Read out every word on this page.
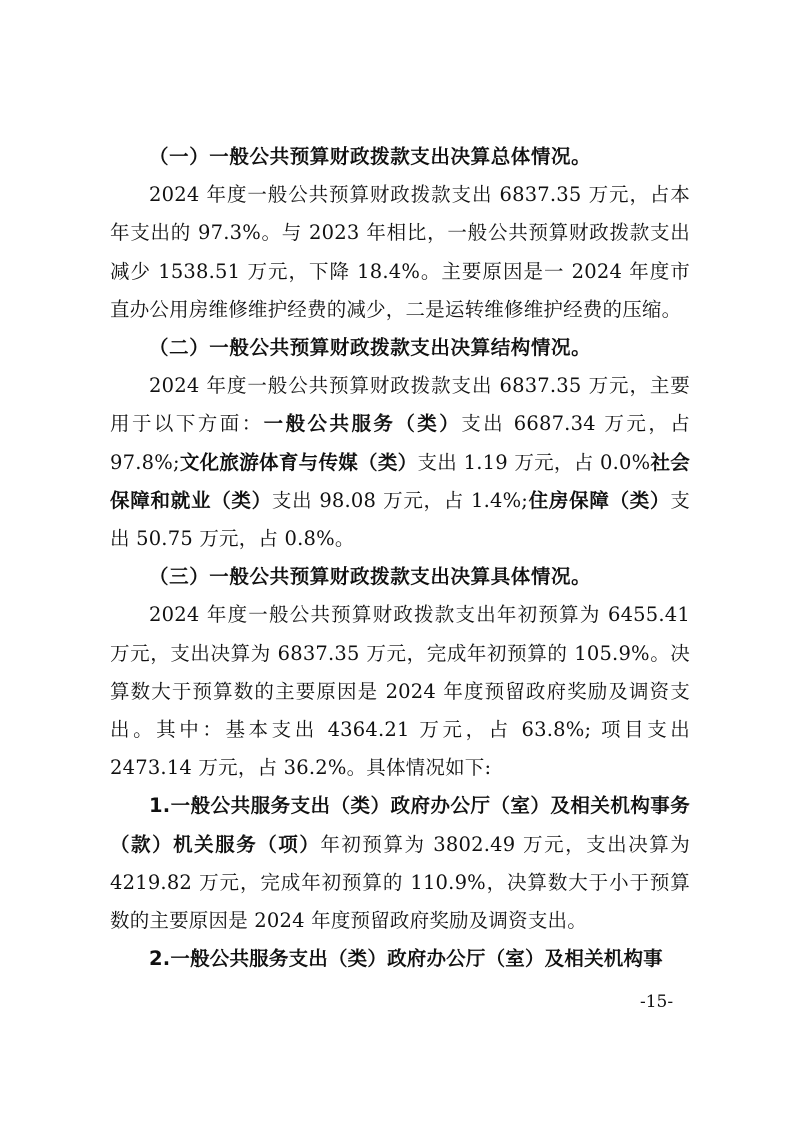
（一）一般公共预算财政拨款支出决算总体情况。

2024 年度一般公共预算财政拨款支出 6837.35 万元，占本年支出的 97.3%。与 2023 年相比，一般公共预算财政拨款支出减少 1538.51 万元，下降 18.4%。主要原因是一 2024 年度市直办公用房维修维护经费的减少，二是运转维修维护经费的压缩。

（二）一般公共预算财政拨款支出决算结构情况。

2024 年度一般公共预算财政拨款支出 6837.35 万元，主要用于以下方面：一般公共服务（类）支出 6687.34 万元，占 97.8%;文化旅游体育与传媒（类）支出 1.19 万元，占 0.0%社会保障和就业（类）支出 98.08 万元，占 1.4%;住房保障（类）支出 50.75 万元，占 0.8%。

（三）一般公共预算财政拨款支出决算具体情况。

2024 年度一般公共预算财政拨款支出年初预算为 6455.41 万元，支出决算为 6837.35 万元，完成年初预算的 105.9%。决算数大于预算数的主要原因是 2024 年度预留政府奖励及调资支出。其中：基本支出 4364.21 万元，占 63.8%; 项目支出 2473.14 万元，占 36.2%。具体情况如下:

1.一般公共服务支出（类）政府办公厅（室）及相关机构事务（款）机关服务（项）年初预算为 3802.49 万元，支出决算为 4219.82 万元，完成年初预算的 110.9%，决算数大于小于预算数的主要原因是 2024 年度预留政府奖励及调资支出。

2.一般公共服务支出（类）政府办公厅（室）及相关机构事

-15-
